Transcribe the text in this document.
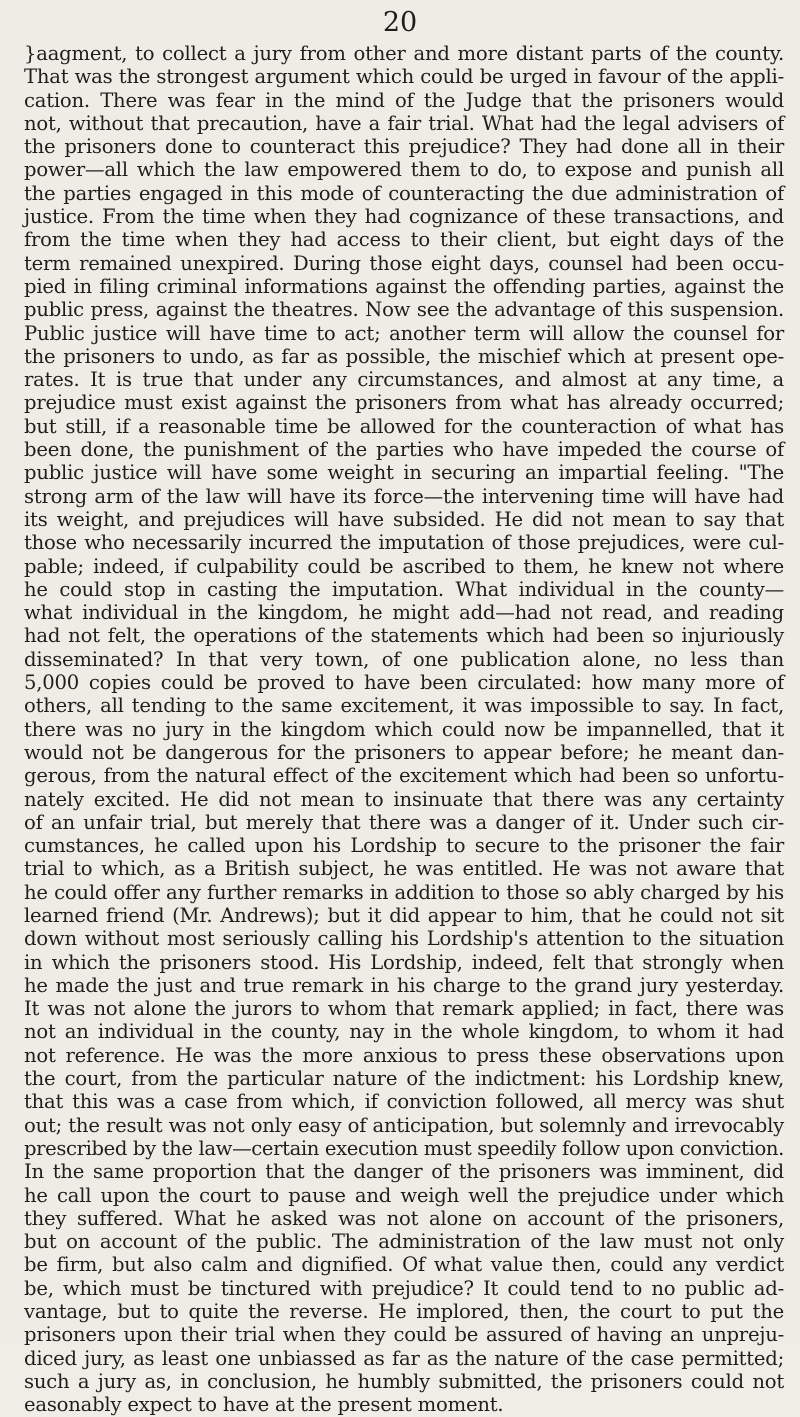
20
}aagment, to collect a jury from other and more distant parts of the county.
That was the strongest argument which could be urged in favour of the appli-
cation. There was fear in the mind of the Judge that the prisoners would
not, without that precaution, have a fair trial. What had the legal advisers of
the prisoners done to counteract this prejudice? They had done all in their
power—all which the law empowered them to do, to expose and punish all
the parties engaged in this mode of counteracting the due administration of
justice. From the time when they had cognizance of these transactions, and
from the time when they had access to their client, but eight days of the
term remained unexpired. During those eight days, counsel had been occu-
pied in filing criminal informations against the offending parties, against the
public press, against the theatres. Now see the advantage of this suspension.
Public justice will have time to act; another term will allow the counsel for
the prisoners to undo, as far as possible, the mischief which at present ope-
rates. It is true that under any circumstances, and almost at any time, a
prejudice must exist against the prisoners from what has already occurred;
but still, if a reasonable time be allowed for the counteraction of what has
been done, the punishment of the parties who have impeded the course of
public justice will have some weight in securing an impartial feeling. "The
strong arm of the law will have its force—the intervening time will have had
its weight, and prejudices will have subsided. He did not mean to say that
those who necessarily incurred the imputation of those prejudices, were cul-
pable; indeed, if culpability could be ascribed to them, he knew not where
he could stop in casting the imputation. What individual in the county—
what individual in the kingdom, he might add—had not read, and reading
had not felt, the operations of the statements which had been so injuriously
disseminated? In that very town, of one publication alone, no less than
5,000 copies could be proved to have been circulated: how many more of
others, all tending to the same excitement, it was impossible to say. In fact,
there was no jury in the kingdom which could now be impannelled, that it
would not be dangerous for the prisoners to appear before; he meant dan-
gerous, from the natural effect of the excitement which had been so unfortu-
nately excited. He did not mean to insinuate that there was any certainty
of an unfair trial, but merely that there was a danger of it. Under such cir-
cumstances, he called upon his Lordship to secure to the prisoner the fair
trial to which, as a British subject, he was entitled. He was not aware that
he could offer any further remarks in addition to those so ably charged by his
learned friend (Mr. Andrews); but it did appear to him, that he could not sit
down without most seriously calling his Lordship's attention to the situation
in which the prisoners stood. His Lordship, indeed, felt that strongly when
he made the just and true remark in his charge to the grand jury yesterday.
It was not alone the jurors to whom that remark applied; in fact, there was
not an individual in the county, nay in the whole kingdom, to whom it had
not reference. He was the more anxious to press these observations upon
the court, from the particular nature of the indictment: his Lordship knew,
that this was a case from which, if conviction followed, all mercy was shut
out; the result was not only easy of anticipation, but solemnly and irrevocably
prescribed by the law—certain execution must speedily follow upon conviction.
In the same proportion that the danger of the prisoners was imminent, did
he call upon the court to pause and weigh well the prejudice under which
they suffered. What he asked was not alone on account of the prisoners,
but on account of the public. The administration of the law must not only
be firm, but also calm and dignified. Of what value then, could any verdict
be, which must be tinctured with prejudice? It could tend to no public ad-
vantage, but to quite the reverse. He implored, then, the court to put the
prisoners upon their trial when they could be assured of having an unpreju-
diced jury, as least one unbiassed as far as the nature of the case permitted;
such a jury as, in conclusion, he humbly submitted, the prisoners could not
easonably expect to have at the present moment.
